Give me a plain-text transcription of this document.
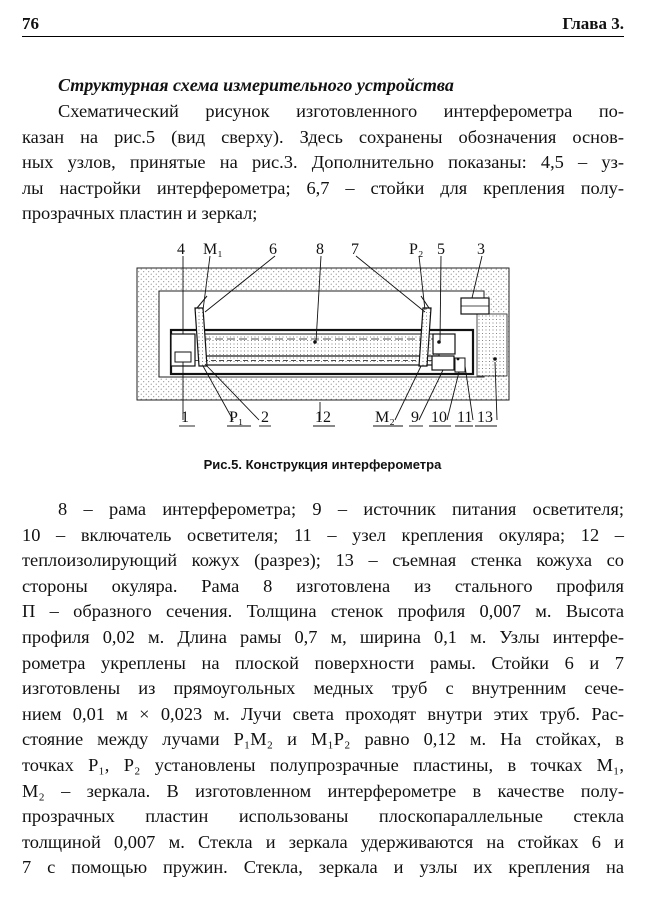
76	Глава 3.
Структурная схема измерительного устройства
Схематический рисунок изготовленного интерферометра по-
казан на рис.5 (вид сверху). Здесь сохранены обозначения основ-
ных узлов, принятые на рис.3. Дополнительно показаны: 4,5 – уз-
лы настройки интерферометра; 6,7 – стойки для крепления полу-
прозрачных пластин и зеркал;
4 M₁	6 8 7	P₂ 5 3
1	P₁ 2	12	M₂ 9 10 11 13
Рис.5. Конструкция интерферометра
8 – рама интерферометра; 9 – источник питания осветителя;
10 – включатель осветителя; 11 – узел крепления окуляра; 12 –
теплоизолирующий кожух (разрез); 13 – съемная стенка кожуха со
стороны окуляра. Рама 8 изготовлена из стального профиля
П – образного сечения. Толщина стенок профиля 0,007 м. Высота
профиля 0,02 м. Длина рамы 0,7 м, ширина 0,1 м. Узлы интерфе-
рометра укреплены на плоской поверхности рамы. Стойки 6 и 7
изготовлены из прямоугольных медных труб с внутренним сече-
нием 0,01 м × 0,023 м. Лучи света проходят внутри этих труб. Рас-
стояние между лучами P₁M₂ и M₁P₂ равно 0,12 м. На стойках, в
точках P₁, P₂ установлены полупрозрачные пластины, в точках M₁,
M₂ – зеркала. В изготовленном интерферометре в качестве полу-
прозрачных пластин использованы плоскопараллельные стекла
толщиной 0,007 м. Стекла и зеркала удерживаются на стойках 6 и
7 с помощью пружин. Стекла, зеркала и узлы их крепления на
